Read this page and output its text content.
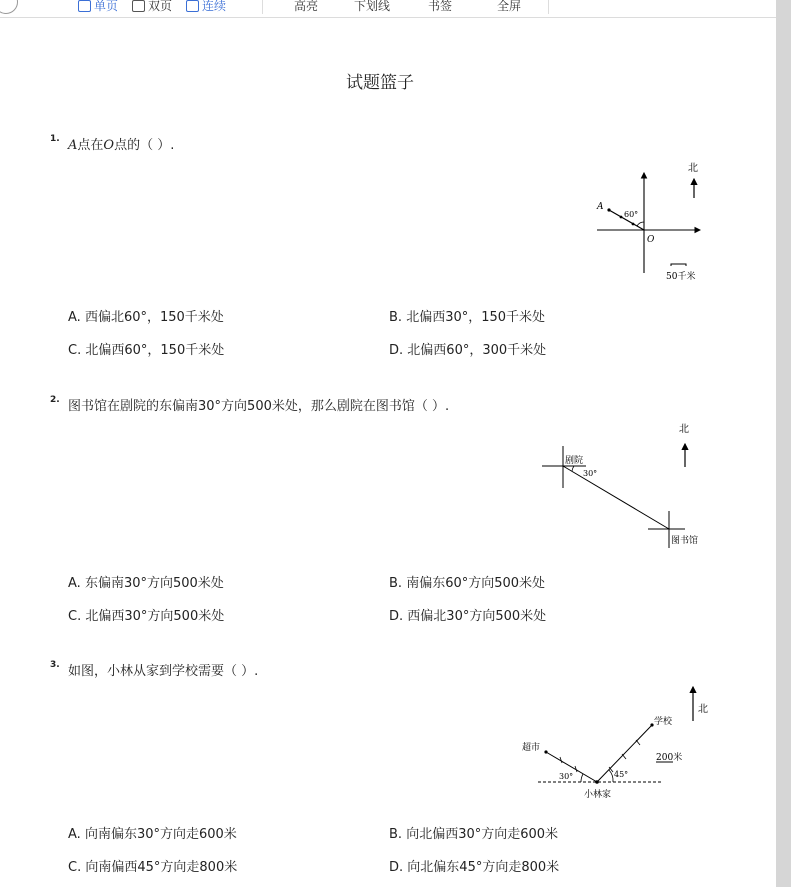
单页 双页 连续	高亮	下划线	书签	全屏
试题篮子
1. A点在O点的（ ）.
北
A
60°
O
50千米
A. 西偏北60°，150千米处	B. 北偏西30°，150千米处
C. 北偏西60°，150千米处	D. 北偏西60°，300千米处
2. 图书馆在剧院的东偏南30°方向500米处，那么剧院在图书馆（ ）.
北
剧院
30°
图书馆
A. 东偏南30°方向500米处	B. 南偏东60°方向500米处
C. 北偏西30°方向500米处	D. 西偏北30°方向500米处
3. 如图，小林从家到学校需要（ ）.
北
学校
超市
30°	45°
小林家
200米
A. 向南偏东30°方向走600米	B. 向北偏西30°方向走600米
C. 向南偏西45°方向走800米	D. 向北偏东45°方向走800米
